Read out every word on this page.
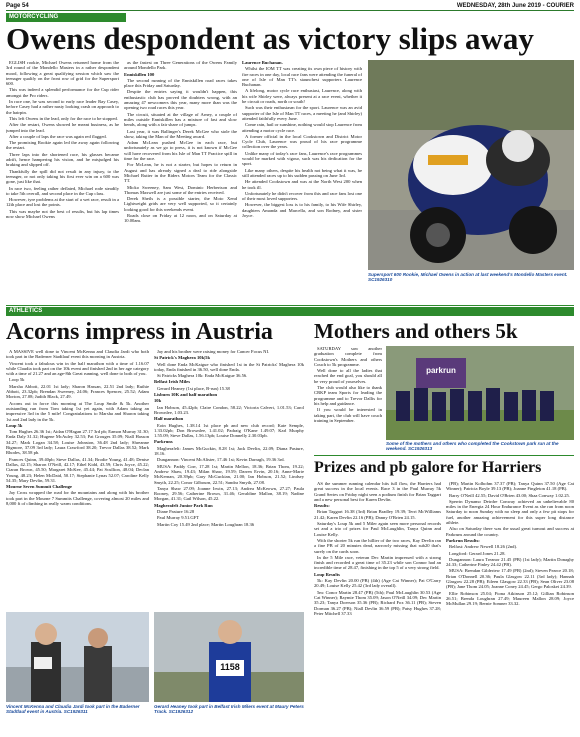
Page 54	WEDNESDAY, 28th June 2019 - COURIER
MOTORCYCLING
Owens despondent as victory slips away

EGLISH rookie, Michael Owens returned home from the 3rd round of the Mondello Masters in a rather despondent mood, following a great qualifying session which saw the teenager qualify on the front row of grid for the Supersport 600.

This was indeed a splendid performance for the Cup rider amongst the Pro riders.

In race one, he was second to early race leader Ray Casey, before Casey had a rather nasty looking crash on approach to the hairpin.

This left Owens in the lead, only for the race to be stopped.

After the restart, Owens showed he meant business, as he jumped into the lead.

After a couple of laps the race was again red flagged.

The promising Rookie again led the away again following the restart.

Three laps into the shortened race, his glasses became adrift, hence hampering his vision, and he misjudged his braking and slipped off.

Thankfully the spill did not result in any injury, to the teenager, or not only taking his first ever win on a 600 was gone, just like that.

In race two, feeling rather deflated, Michael rode steadily to take 5th overall, and second place in the Cup class.

However, tyre problems at the start of a wet race, result in a 12th place and lost the points.

This was maybe not the best of results, but his lap times now show Michael Owens

as the fastest on Three Generations of the Owens Family around Mondello Park.

Enniskillen 100

The second running of the Enniskillen road races takes place this Friday and Saturday.

Despite the entries saying it wouldn't happen, this enthusiastic club has proved the doubters wrong, with an amazing 47 newcomers this year, many more than was the opening two road races this year.

The circuit, situated at the village of Arney, a couple of miles outside Enniskillen has a mixture of fast and slow bends, along with a fair share of jumps.

Last year, it was Ballinger's Derek McGee who stole the show, taking the Man of the Meeting award.

Adam McLean pushed McGee in each race, but unfortunately as we go to press, it is not known if McGee will have recovered from his Isle of Man TT Practice spill in time for the race.

For McLean, he is not a starter, but hopes to return in August and has already signed a deal to ride alongside Michael Rutter in the Riders Motors Team for the Classic TT.

Micko Sweeney, Sam West, Dominic Herbertson and Thomas Maxwell are just some of the entries received.

Derek Sheils is a possible starter, the Moto Xend Lightweight grids are very well supported, so it certainly looking good for this weekends event.

Roads close on Friday at 12 noon, and on Saturday at 10.00am.

Laurence Buchanan.

Whilst the IOM TT was creating its own piece of history with fire races in one day, local race fans were attending the funeral of one of Isle of Man TT's staunchest supporters Laurence Buchanan.

A lifelong, motor cycle race enthusiast, Laurence, along with his wife Shirley were, always present at a race event, whether it be circuit or roads, north or south!

Such was their enthusiasm for the sport. Laurence was an avid supporter of the Isle of Man TT races, a meeting he (and Shirley) attended faithfully every June.

Come rain, hail or sunshine, nothing would stop Laurence from attending a motor cycle race.

A former official in the local Cookstown and District Motor Cycle Club, Laurence was proud of his race programme collection over the years.

Unlike many of today's race fans, Laurence's race programmes would be marked with vigour, such was his dedication for the sport.

Like many others, despite his health not being what it was, he still attended races up to his sudden passing on June 3rd.

He attended Cookstown and was at the North West 200 when he took ill.

Unfortunately he didn't recover from this and race fans lost one of their most loved supporters.

However, the biggest loss is to his family, to his Wife Shirley, daughters Amanda and Marcella, and son Rodney, and sister Joyce.

Supersport 600 Rookie, Michael Owens in action at last weekend's Mondello Masters event. SC1926310
ATHLETICS
Acorns impress in Austria

A MASSIVE well done to Vincent McKenna and Claudia Jardi who both took part in the Baderner Stadtlauf event this morning in Austria.

Vincent took a fabulous win in the half marathon with a time of 1.16.07 while Claudia took part on the 10k event and finished 2nd in her age category with a time of 21.27 and an age-8th Great running, well done to both of you.

Loop 5k

Marsha Abbott, 22.01 1st lady; Sharon Hassan, 22.51 2nd lady; Ruthie Abbott, 23.32pb; Brendan Sweeney, 24.06; Frances Spencer, 25.52; Adam Morton, 27.08; Judith Black, 27.49.

Acorns out in force this morning at The Loup Smile & 5k. Another outstanding run from Tom taking 1st yet again, with Adam taking an impressive 3rd in the 5 mile! Congratulations to Marsha and Sharon taking 1st and 2nd lady in the 5k.

Loup 5k

Tom Hughes 26.36 1st; Aidan O'Hagan 27.17 3rd pb; Eamon Murray 31.30; Enda Daly 31.32; Hugene McAuley 32.53; Pat Grouges 35.09; Niall Hasson 34.27; Mark Logan 34.58; Louise Johnston, 36.48 2nd lady; Shreanne Bigmore, 37.09 3rd lady; Laura Crawford 38.20; Trevor Dallas 38.52; Mark Rhodes, 38.58 pb.

Frances Quinn, 39.40pb; Steve Dallas, 41.34; Brodie Young, 41.48; Denise Dallas, 42.15; Sharon O'Neill, 42.17; Ethel Kidd, 43.59; Chris Joyce, 45.22; Ciaran Brown, 45.50; Margaret McKee, 45.44; Pat Scullion, 48.04; Declan Young, 48.23; Helen McDaid, 50.17; Stephanie Lynas 52.07; Caroline Kelly 54.35; Mary Devlin, 59.31.

Mourne Seven Summit Challenge

Jay Cross wrapped the road for the mountains and along with his brother took part in the Mourne 7 Summits Challenge, covering almost 20 miles and 8,000 ft of climbing in really warm conditions.

Jay and his brother were raising money for Cancer Focus NI.

St Patrick's Maghera 10k|5k

Well done Enda McKaigue who finished 1st in the St Patricks' Maghera 10k today, Enda finished in 36.50, well done Enda.

St Patricks Maghera 10k: Enda McKaigue 36.56.

Belfast Irish Miles

Gerard Heaney (1st place, B-run) 15.38

Lisburn 10K and half marathon

10k

Ian Hobson, 45.42pb; Claire Condon, 58.22; Victoria Calvert, 1.01.53; Carol Brownlee, 1.03.23.

Half marathon

Eoin Hughes, 1.38.14 1st place pb and new club record; Kate Semple, 1.33.02pb; Don Brownlee, 1.41.02; Padraig O'Kane 1.49.07; Karl Murphy 1.55.09; Steve Dallas, 1.56.13pb; Louise Donnelly 2.30.03pb.

Parkruns

Magherafelt: James McGuckin, 8.28 1st; Jack Devlin, 22.09; Diana Pasture, 18.16.

Dungannon: Vincent McAlister, 17.46 1st; Kevin Darragh, 19.36 3rd.

MUSA: Paddy Corr, 17.28 1st; Martin Mellon, 18.36; Brian Thom, 19.22; Andrew Shaw, 19.43; Milan Shaw, 19.59; Darren Ervin, 20.16; Anne-Marie McKernan, 20.39pb; Gary McGuckian, 21.00; Ian Hobson, 21.52; Lindsey Smyth, 22.25; Conor Gilbourn, 22.51; Sandra Smyth, 27.08.

Tanya Shaw 27.09; Joanne Irwin, 27.13; Andrea McKeown, 27.27; Paula Rooney, 29.56; Catherine Brown, 31.46; Geraldine Mallon, 38.19; Nadine Morgan, 41.31; Gail Wilson, 45.22.

Magherafelt Junior Park Run

Diane Pasture 16.28

Paul Murray 9.51.GFT

Martin Coy 15.49 2nd place; Martin Loughran 18.36

Vincent McKenna and Claudia Jardi took part in the Baderner Stadtlauf event in Austria. SC1926311
1158
Gerard Heaney took part in Belfast Irish Milers event at Maury Peters Track. SC1926312
Mothers and others 5k

SATURDAY saw another graduation complete from Cookstown's Mothers and others Couch to 5k programme.

Well done to all the ladies that reached the end goal, you should all be very proud of yourselves.

The club would also like to thank CRKP team Sports for leading the programme and to Trevor Dallis for his help and guidance.

If you would be interested in taking part, the club will have couch training in September.

parkrun
Some of the mothers and others who completed the Cookstown park run at the weekend. SC1926313
Prizes and pb galore for Harriers

AS the summer running calendar hits full flow, the Harriers had great success in the local events. Race 3 in the Paul Murray 5k Grand Series on Friday night seen a podium finish for Brian Taggart and a new personal best for Karen Devlin.

Results:

Brian Taggart 16.38 (3rd) Brian Bradley 19.39; Terri McWilliams 21.42; Karen Devlin 22.16 (PB); Danny O'Brien 24.15.

Saturday's Loup 5k and 5 Miler again seen more personal records set and a trio of prizes for Paul McLaughlin, Tanya Quinn and Louise Kelly.

With the shorter 5k run the hillier of the two races, Kay Devlin ran a fine PB of 20 minutes dead, narrowly missing that sub20 that's surely on the cards soon.

In the 5 Mile race, veteran Dec Martin impressed with a strong finish and recorded a great time of 35.23 while son Connor had an incredible time of 28.47, finishing in the top 5 of a very strong field.

Loup Results

5k: Kay Devlin 20.00 (PB) (4th) (Age Cat Winner); Pat O'Carry 20.49; Louise Kelly 25.42 (3rd lady overall).

5m: Conor Martin 28.47 (PB) (5th); Paul McLaughlin 30.53 (Age Cat Winner); Raymie Thom 35.09; Jason O'Neill 34.09; Dec Martin 35.23; Tanya Doerson 35.36 (PB); Richard Fox 36.11 (PB); Steven Dorman 36.27 (PB); Niall Devlin 36.59 (PB); Patsy Hughes 37.28; Peter Mitchell 37.33

(PB); Martin Kolbohm 37.37 (PB); Tanya Quinn 37.50 (Age Cat Winner); Patricia Boyle 39.13 (PB); Joanne Fingleton 41.18 (PB).

Barry O'Neill 42.55; David O'Brien 43.00; Shaa Conway 1.02.25.

Sperrin Dynamo Deirdre Conway achieved an unbelievable 80 miles in the Energia 24 Hour Endurance Event as she ran from noon Saturday to noon Sunday with no sleep and only a few pit stops for fuel, another amazing achievement for this super long distance athlete.

Also on Saturday there was the usual great turnout and success at Parkruns around the country.

Parkrun Results:

Belfast: Andrew Newell 18.26 (2nd).

Longford: Gerard Jones 21.28.

Dungannon: Laura Treanor 21.45 (PB) (1st lady); Martin Donaghy 24.33; Catherine Finley 24.42 (PB).

MUSA: Brendan Gilderiew 17.49 (PB) (2nd); Steven Pearce 20.18; Brian O'Donnell 20.36; Paula Glasgow 22.11 (3rd lady); Hannah Glasgow 22.28 (PB); Eileen Glasgow 22.33 (PB); Sean Oliver 23.08 (PB); Jane Thom 24.05; Joanne Coney 24.45; Gergo Paloskei 24.39.

Ellie Robinson 25.04; Fiona Atkinson 25.12; Gillian Robinson 26.51; Brenda Loughran 27.49; Maureen Mallon 28.09; Joyce McMullan 29.19; Bernie Somner 33.32.
